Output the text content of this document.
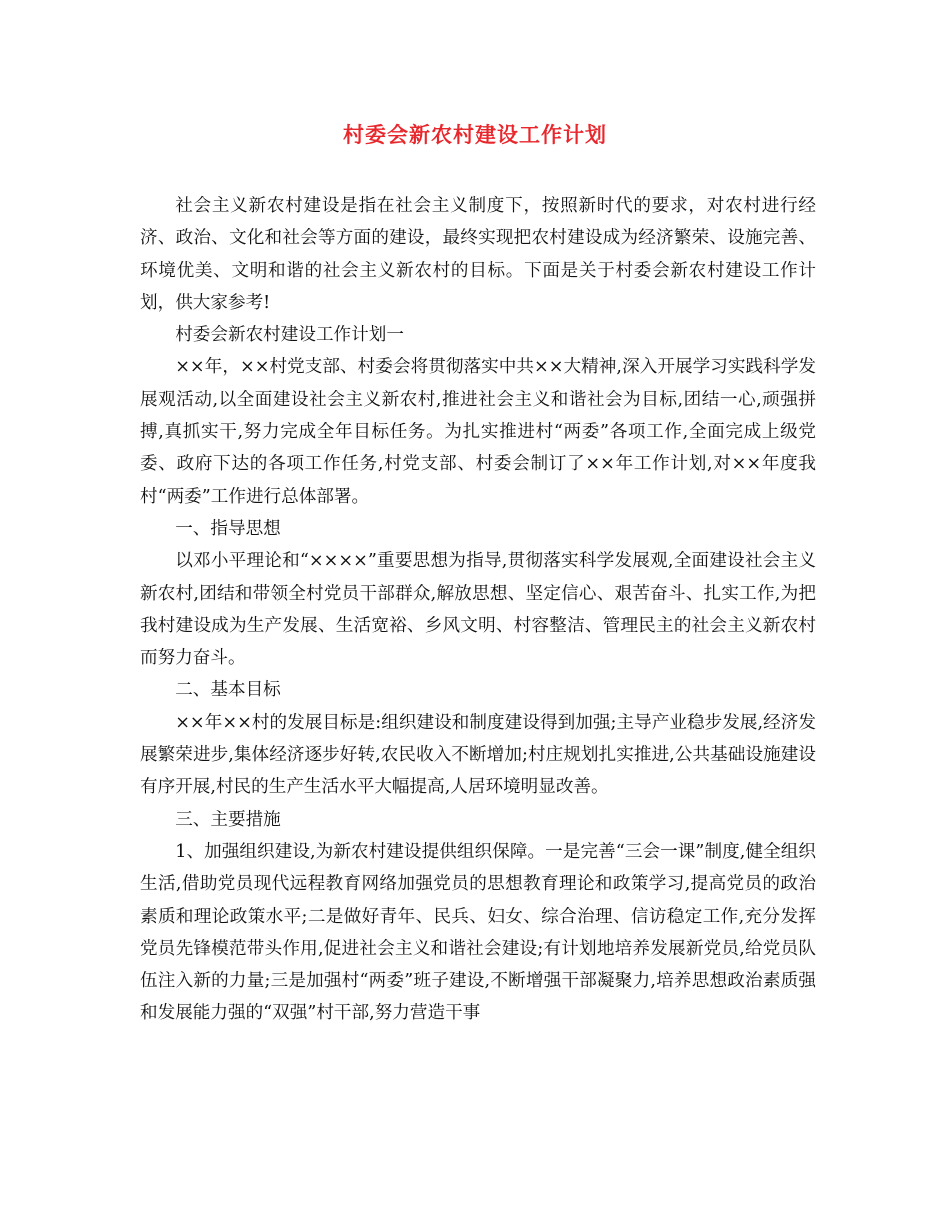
村委会新农村建设工作计划

社会主义新农村建设是指在社会主义制度下，按照新时代的要求，对农村进行经济、政治、文化和社会等方面的建设，最终实现把农村建设成为经济繁荣、设施完善、环境优美、文明和谐的社会主义新农村的目标。下面是关于村委会新农村建设工作计划，供大家参考!

村委会新农村建设工作计划一

××年，××村党支部、村委会将贯彻落实中共××大精神,深入开展学习实践科学发展观活动,以全面建设社会主义新农村,推进社会主义和谐社会为目标,团结一心,顽强拼搏,真抓实干,努力完成全年目标任务。为扎实推进村“两委”各项工作,全面完成上级党委、政府下达的各项工作任务,村党支部、村委会制订了××年工作计划,对××年度我村“两委”工作进行总体部署。

一、指导思想

以邓小平理论和“××××”重要思想为指导,贯彻落实科学发展观,全面建设社会主义新农村,团结和带领全村党员干部群众,解放思想、坚定信心、艰苦奋斗、扎实工作,为把我村建设成为生产发展、生活宽裕、乡风文明、村容整洁、管理民主的社会主义新农村而努力奋斗。

二、基本目标

××年××村的发展目标是:组织建设和制度建设得到加强;主导产业稳步发展,经济发展繁荣进步,集体经济逐步好转,农民收入不断增加;村庄规划扎实推进,公共基础设施建设有序开展,村民的生产生活水平大幅提高,人居环境明显改善。

三、主要措施

1、加强组织建设,为新农村建设提供组织保障。一是完善“三会一课”制度,健全组织生活,借助党员现代远程教育网络加强党员的思想教育理论和政策学习,提高党员的政治素质和理论政策水平;二是做好青年、民兵、妇女、综合治理、信访稳定工作,充分发挥党员先锋模范带头作用,促进社会主义和谐社会建设;有计划地培养发展新党员,给党员队伍注入新的力量;三是加强村“两委”班子建设,不断增强干部凝聚力,培养思想政治素质强和发展能力强的“双强”村干部,努力营造干事
